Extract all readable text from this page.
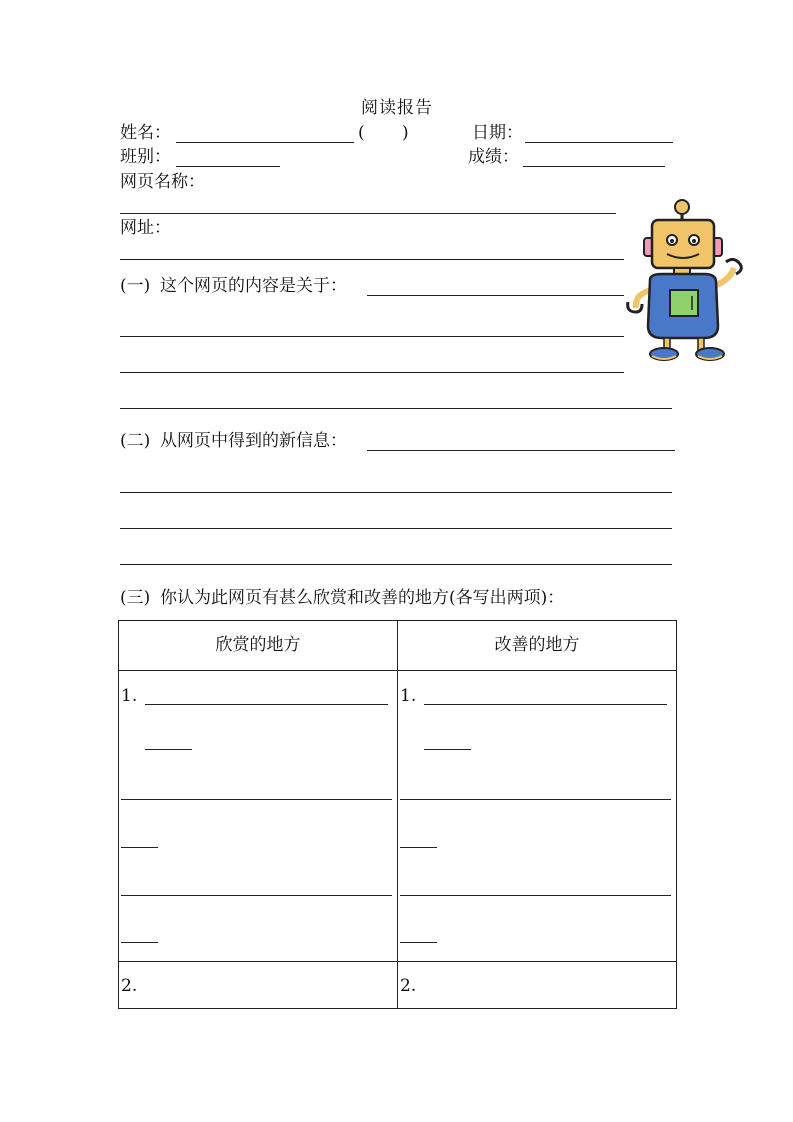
阅读报告
姓名：	( )	日期：
班别：	成绩：
网页名称：
网址：
(一) 这个网页的内容是关于：
(二) 从网页中得到的新信息：
(三) 你认为此网页有甚么欣赏和改善的地方(各写出两项)：
欣赏的地方	改善的地方

1.	1.

2.	2.
